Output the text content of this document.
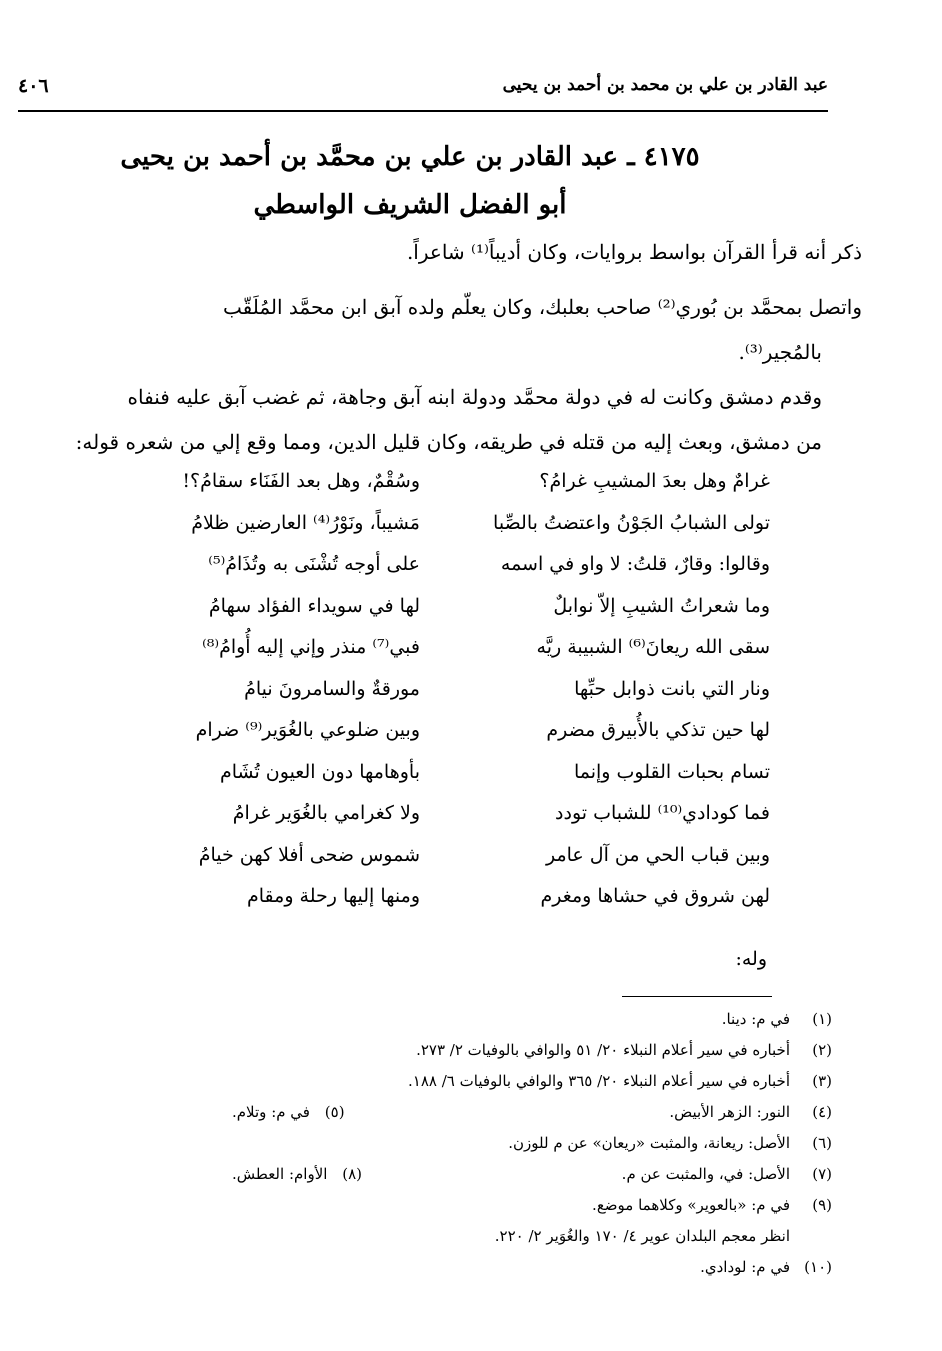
عبد القادر بن علي بن محمد بن أحمد بن يحيى
٤٠٦
٤١٧٥ ـ عبد القادر بن علي بن محمَّد بن أحمد بن يحيى
أبو الفضل الشريف الواسطي
ذكر أنه قرأ القرآن بواسط بروايات، وكان أديباً⁽¹⁾ شاعراً.
واتصل بمحمَّد بن بُوري⁽²⁾ صاحب بعلبك، وكان يعلّم ولده آبق ابن محمَّد المُلَقّب
بالمُجير⁽³⁾.
وقدم دمشق وكانت له في دولة محمَّد ودولة ابنه آبق وجاهة، ثم غضب آبق عليه فنفاه
من دمشق، وبعث إليه من قتله في طريقه، وكان قليل الدين، ومما وقع إلي من شعره قوله:
غرامٌ وهل بعدَ المشيبِ غرامُ؟
وسُقْمٌ، وهل بعد الفَنَاء سقامُ؟!
تولى الشبابُ الجَوْنُ واعتضتُ بالصِّبا
مَشيباً، ونَوْرُ⁽⁴⁾ العارضين ظلامُ
وقالوا: وقارٌ، قلتُ: لا واو في اسمه
على أوجه تُشْنَى به وتُذَامُ⁽⁵⁾
وما شعراتُ الشيبِ إلاّ نوابلٌ
لها في سويداء الفؤاد سهامُ
سقى الله ريعانَ⁽⁶⁾ الشبيبة ريَّه
فبي⁽⁷⁾ منذر وإني إليه أُوامُ⁽⁸⁾
ونار التي بانت ذوابل حبِّها
مورقةٌ والسامرونَ نيامُ
لها حين تذكي بالأُبيرق مضرم
وبين ضلوعي بالغُوَير⁽⁹⁾ ضرام
تسام بحبات القلوب وإنما
بأوهامها دون العيون تُشَام
فما كودادي⁽¹⁰⁾ للشباب تودد
ولا كغرامي بالغُوَير غرامُ
وبين قباب الحي من آل عامر
شموس ضحى أفلا كهن خيامُ
لهن شروق في حشاها ومغرم
ومنها إليها رحلة ومقام
وله:
(١)
في م: دينا.
(٢)
أخباره في سير أعلام النبلاء ٢٠/ ٥١ والوافي بالوفيات ٢/ ٢٧٣.
(٣)
أخباره في سير أعلام النبلاء ٢٠/ ٣٦٥ والوافي بالوفيات ٦/ ١٨٨.
(٤)
النور: الزهر الأبيض.
(٥) في م: وتلام.
(٦)
الأصل: ريعانة، والمثبت «ريعان» عن م للوزن.
(٧)
الأصل: في، والمثبت عن م.
(٨) الأوام: العطش.
(٩)
في م: «بالعوير» وكلاهما موضع.
انظر معجم البلدان عوير ٤/ ١٧٠ والغُوَير ٢/ ٢٢٠.
(١٠)
في م: لودادي.
